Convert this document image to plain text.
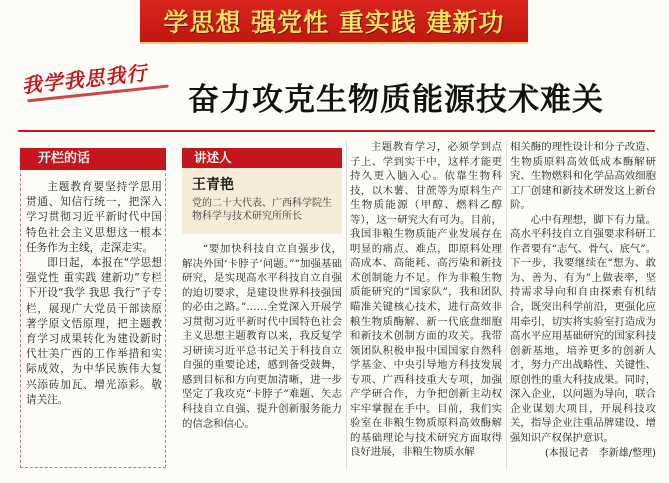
学思想 强党性 重实践 建新功
我学我思我行
奋力攻克生物质能源技术难关
开栏的话

主题教育要坚持学思用贯通、知信行统一，把深入学习贯彻习近平新时代中国特色社会主义思想这一根本任务作为主线，走深走实。

即日起，本报在“学思想 强党性 重实践 建新功”专栏下开设“我学 我思 我行”子专栏，展现广大党员干部读原著学原文悟原理，把主题教育学习成果转化为建设新时代壮美广西的工作举措和实际成效，为中华民族伟大复兴添砖加瓦、增光添彩。敬请关注。

讲述人
王青艳
党的二十大代表、广西科学院生物科学与技术研究所所长

“要加快科技自立自强步伐，解决外国‘卡脖子’问题。”“加强基础研究，是实现高水平科技自立自强的迫切要求，是建设世界科技强国的必由之路。”……全党深入开展学习贯彻习近平新时代中国特色社会主义思想主题教育以来，我反复学习研读习近平总书记关于科技自立自强的重要论述，感到备受鼓舞，感到目标和方向更加清晰，进一步坚定了我攻克“卡脖子”难题、矢志科技自立自强、提升创新服务能力的信念和信心。

主题教育学习，必须学到点子上、学到实干中，这样才能更持久更入脑入心。依靠生物科技，以木薯、甘蔗等为原料生产生物质能源（甲醇、燃料乙醇等），这一研究大有可为。目前，我国非粮生物质能产业发展存在明显的痛点、难点，即原料处理高成本、高能耗、高污染和新技术创制能力不足。作为非粮生物质能研究的“国家队”，我和团队瞄准关键核心技术，进行高效非粮生物质酶解、新一代底盘细胞和新技术创制方面的攻关。我带领团队积极申报中国国家自然科学基金、中央引导地方科技发展专项、广西科技重大专项，加强产学研合作，力争把创新主动权牢牢掌握在手中。目前，我们实验室在非粮生物质原料高效酶解的基础理论与技术研究方面取得良好进展，非粮生物质水解

相关酶的理性设计和分子改造、生物质原料高效低成本酶解研究、生物燃料和化学品高效细胞工厂创建和新技术研发这上新台阶。

心中有理想，脚下有力量。高水平科技自立自强要求科研工作者要有“志气、骨气、底气”。下一步，我要继续在“想为、敢为、善为、有为”上做表率，坚持需求导向和自由探索有机结合，既突出科学前沿，更强化应用牵引，切实将实验室打造成为高水平应用基础研究的国家科技创新基地，培养更多的创新人才，努力产出战略性、关键性、原创性的重大科技成果。同时，深入企业，以问题为导向，联合企业谋划大项目，开展科技攻关，指导企业注重品牌建设、增强知识产权保护意识。

(本报记者　李新雄/整理)
